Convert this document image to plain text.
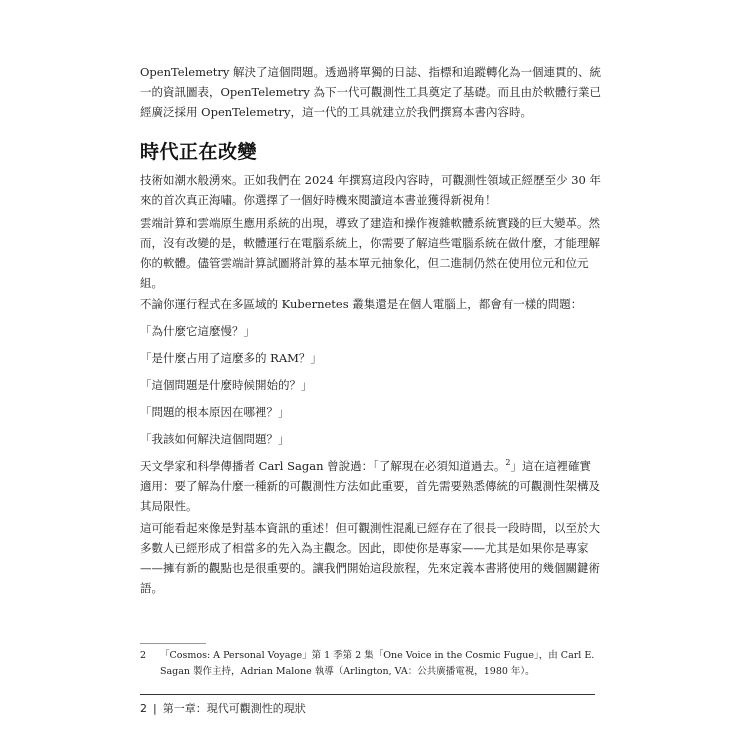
OpenTelemetry 解決了這個問題。透過將單獨的日誌、指標和追蹤轉化為一個連貫的、統一的資訊圖表，OpenTelemetry 為下一代可觀測性工具奠定了基礎。而且由於軟體行業已經廣泛採用 OpenTelemetry，這一代的工具就建立於我們撰寫本書內容時。

時代正在改變

技術如潮水般湧來。正如我們在 2024 年撰寫這段內容時，可觀測性領域正經歷至少 30 年來的首次真正海嘯。你選擇了一個好時機來閱讀這本書並獲得新視角！

雲端計算和雲端原生應用系統的出現，導致了建造和操作複雜軟體系統實踐的巨大變革。然而，沒有改變的是，軟體運行在電腦系統上，你需要了解這些電腦系統在做什麼，才能理解你的軟體。儘管雲端計算試圖將計算的基本單元抽象化，但二進制仍然在使用位元和位元組。

不論你運行程式在多區域的 Kubernetes 叢集還是在個人電腦上，都會有一樣的問題：

「為什麼它這麼慢？」

「是什麼占用了這麼多的 RAM？」

「這個問題是什麼時候開始的？」

「問題的根本原因在哪裡？」

「我該如何解決這個問題？」

天文學家和科學傳播者 Carl Sagan 曾說過：「了解現在必須知道過去。$^2$」這在這裡確實適用：要了解為什麼一種新的可觀測性方法如此重要，首先需要熟悉傳統的可觀測性架構及其局限性。

這可能看起來像是對基本資訊的重述！但可觀測性混亂已經存在了很長一段時間，以至於大多數人已經形成了相當多的先入為主觀念。因此，即使你是專家——尤其是如果你是專家——擁有新的觀點也是很重要的。讓我們開始這段旅程，先來定義本書將使用的幾個關鍵術語。

2	「Cosmos: A Personal Voyage」第 1 季第 2 集「One Voice in the Cosmic Fugue」，由 Carl E. Sagan 製作主持，Adrian Malone 執導（Arlington, VA：公共廣播電視，1980 年）。

2 | 第一章：現代可觀測性的現狀
